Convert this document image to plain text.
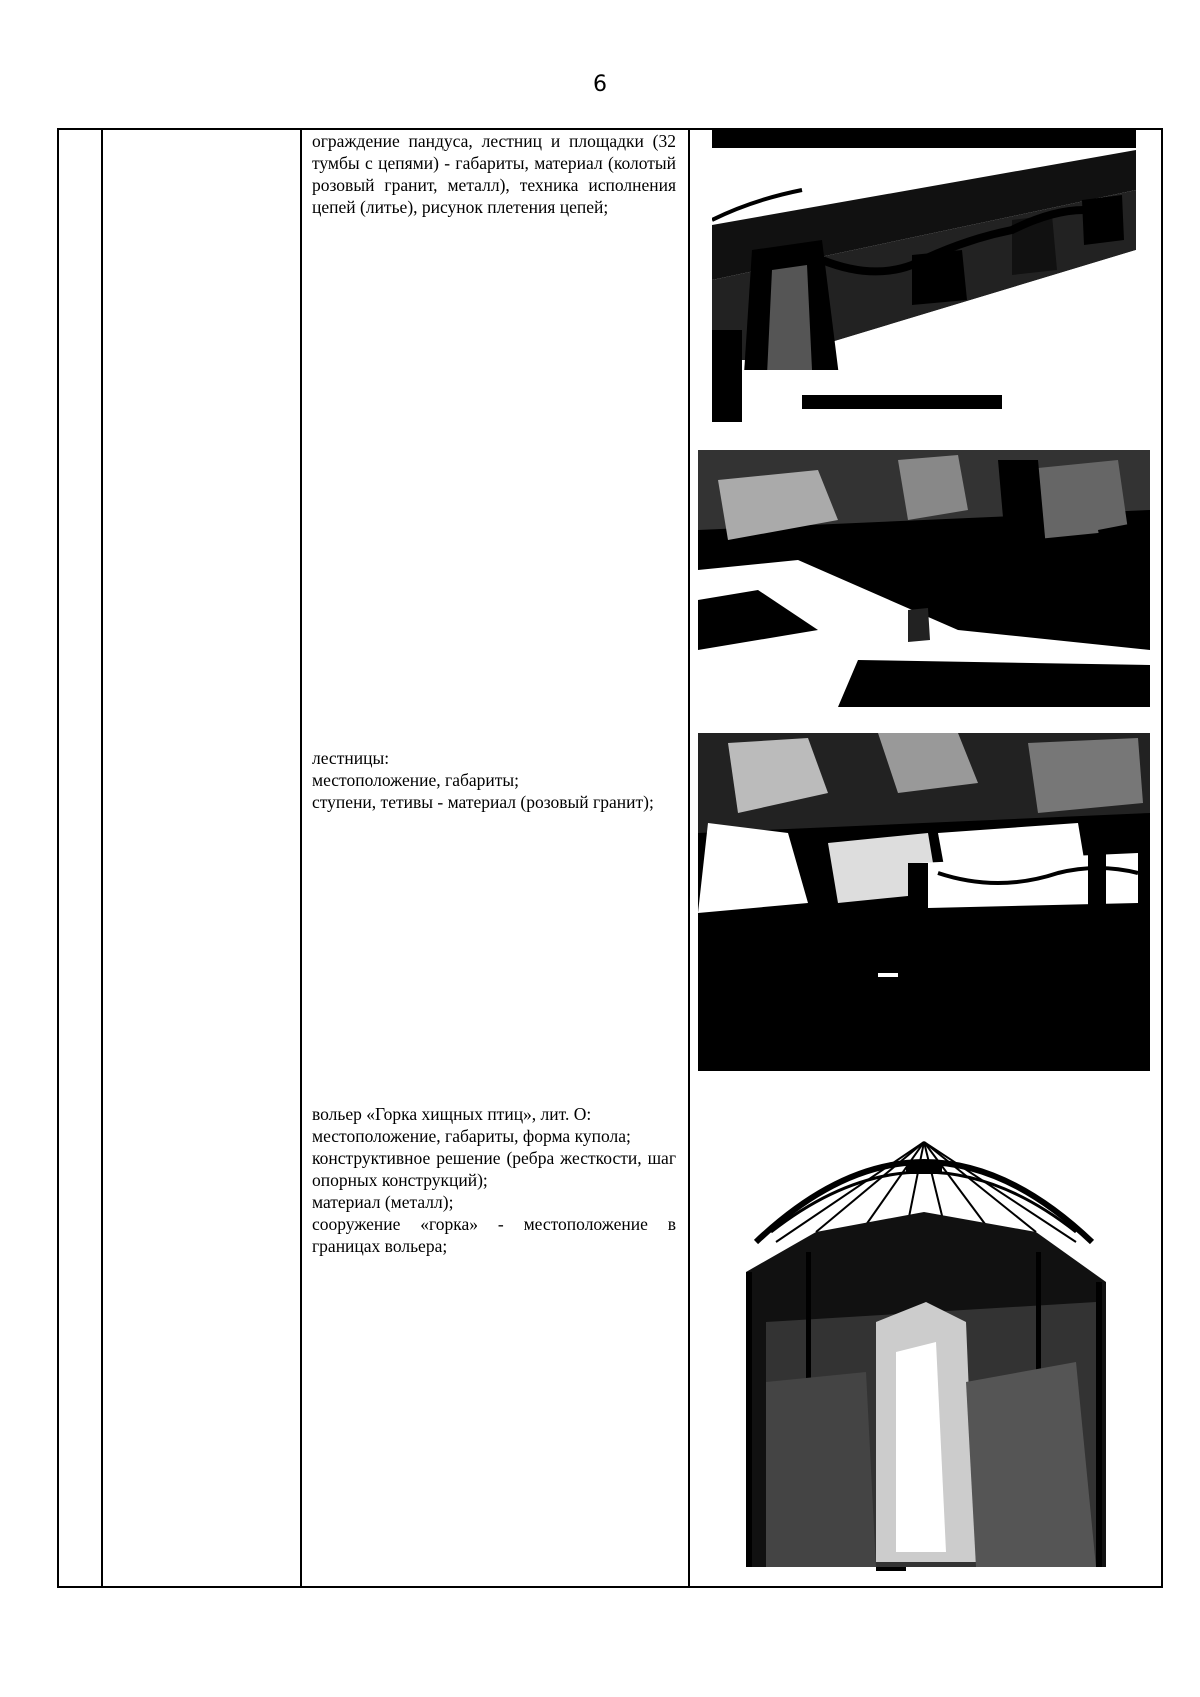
6

ограждение пандуса, лестниц и площадки (32 тумбы с цепями) - габариты, материал (колотый розовый гранит, металл), техника исполнения цепей (литье), рисунок плетения цепей;

лестницы:

местоположение, габариты;

ступени, тетивы - материал (розовый гранит);

вольер «Горка хищных птиц», лит. О:

местоположение, габариты, форма купола;

конструктивное решение (ребра жесткости, шаг опорных конструкций);

материал (металл);

сооружение «горка» - местоположение в границах вольера;
